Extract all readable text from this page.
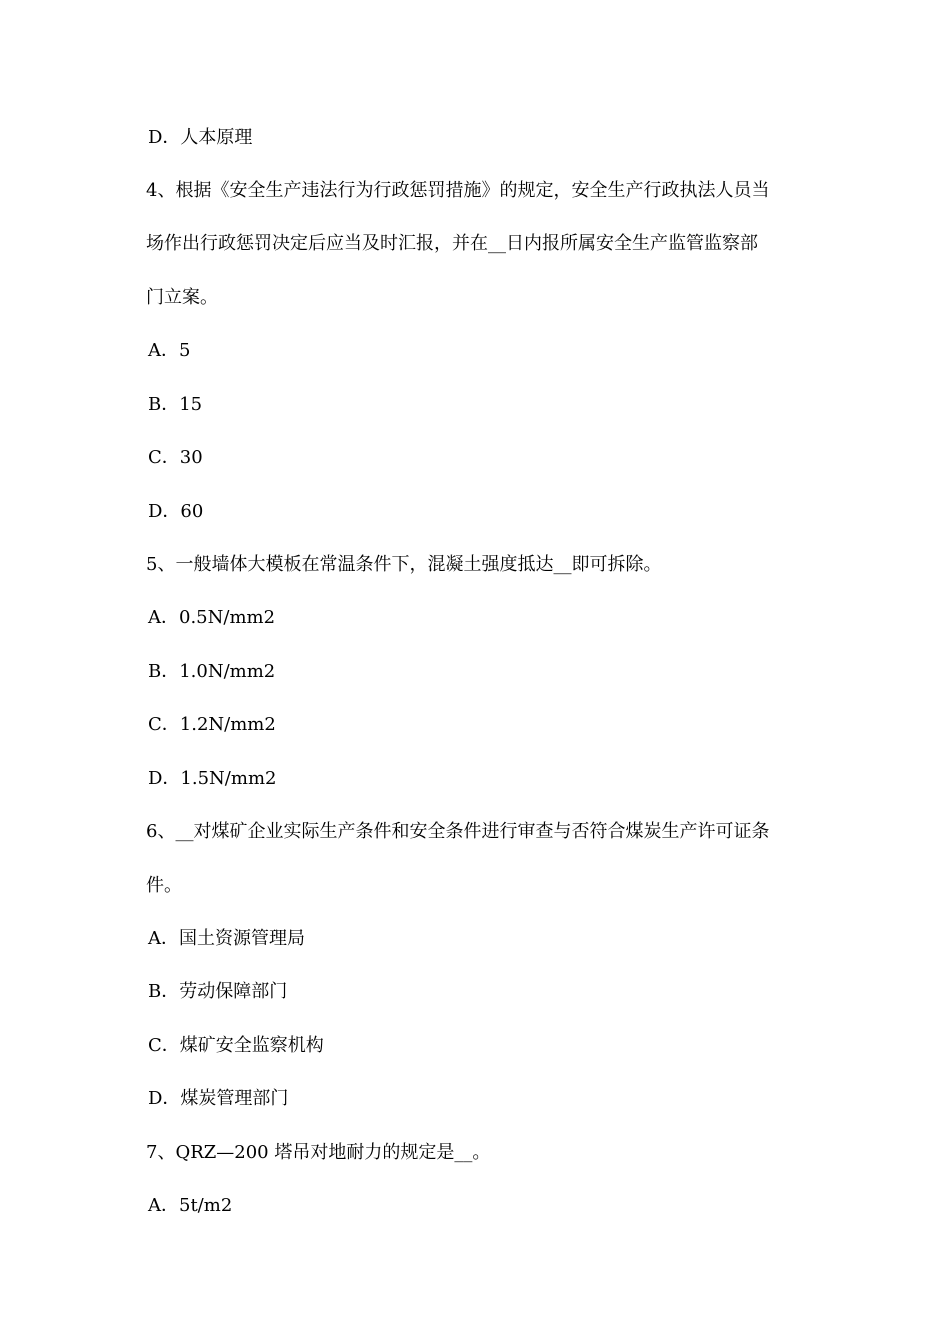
D．人本原理
4、根据《安全生产违法行为行政惩罚措施》的规定，安全生产行政执法人员当
场作出行政惩罚决定后应当及时汇报，并在__日内报所属安全生产监管监察部
门立案。
A．5
B．15
C．30
D．60
5、一般墙体大模板在常温条件下，混凝土强度抵达__即可拆除。
A．0.5N/mm2
B．1.0N/mm2
C．1.2N/mm2
D．1.5N/mm2
6、__对煤矿企业实际生产条件和安全条件进行审查与否符合煤炭生产许可证条
件。
A．国土资源管理局
B．劳动保障部门
C．煤矿安全监察机构
D．煤炭管理部门
7、QRZ—200 塔吊对地耐力的规定是__。
A．5t/m2
